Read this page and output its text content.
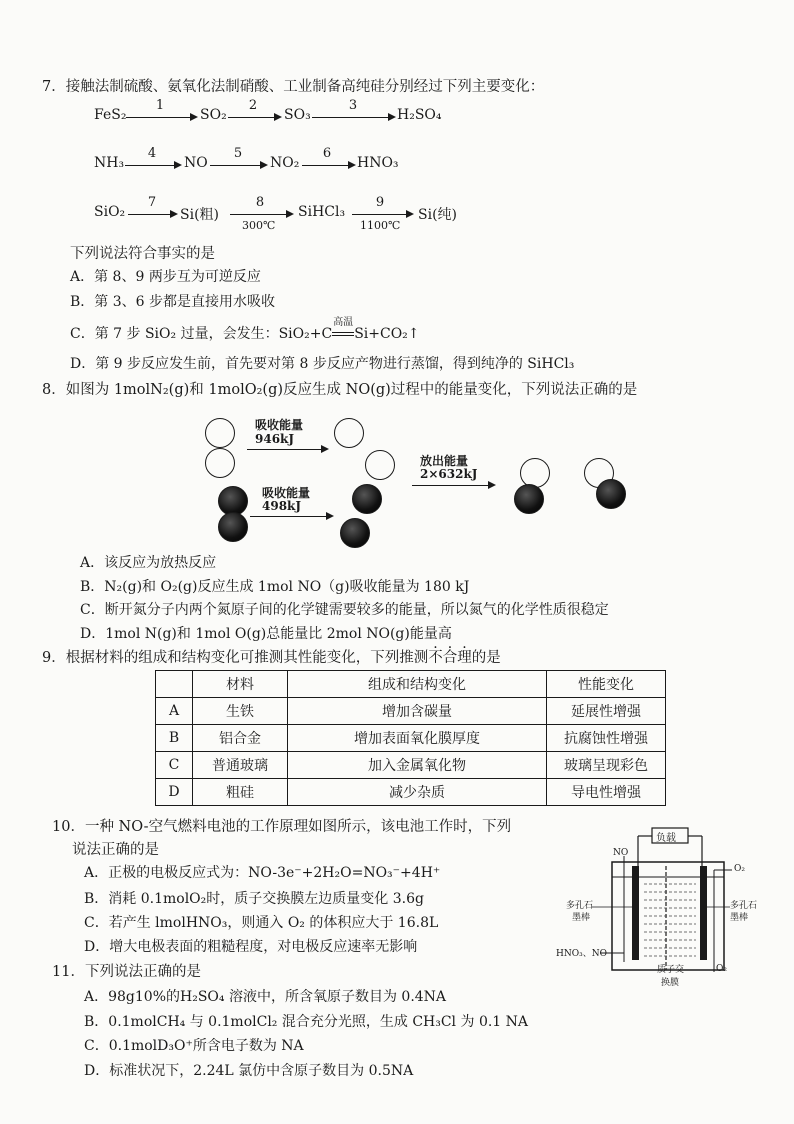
7．接触法制硫酸、氨氧化法制硝酸、工业制备高纯硅分别经过下列主要变化：
FeS₂
1
SO₂
2
SO₃
3
H₂SO₄
NH₃
4
NO
5
NO₂
6
HNO₃
SiO₂
7
Si(粗)
8
300℃
SiHCl₃
9
1100℃
Si(纯)
下列说法符合事实的是
A．第 8、9 两步互为可逆反应
B．第 3、6 步都是直接用水吸收
C．第 7 步 SiO₂ 过量，会发生：SiO₂+C
高温
Si+CO₂↑
D．第 9 步反应发生前，首先要对第 8 步反应产物进行蒸馏，得到纯净的 SiHCl₃
8．如图为 1molN₂(g)和 1molO₂(g)反应生成 NO(g)过程中的能量变化，下列说法正确的是
吸收能量
946kJ
吸收能量
498kJ
放出能量
2×632kJ
A．该反应为放热反应
B．N₂(g)和 O₂(g)反应生成 1mol NO（g)吸收能量为 180 kJ
C．断开氮分子内两个氮原子间的化学键需要较多的能量，所以氮气的化学性质很稳定
D．1mol N(g)和 1mol O(g)总能量比 2mol NO(g)能量高
9．根据材料的组成和结构变化可推测其性能变化，下列推测不合理的是
	材料	组成和结构变化	性能变化
A	生铁	增加含碳量	延展性增强
B	铝合金	增加表面氧化膜厚度	抗腐蚀性增强
C	普通玻璃	加入金属氧化物	玻璃呈现彩色
D	粗硅	减少杂质	导电性增强
10．一种 NO-空气燃料电池的工作原理如图所示，该电池工作时，下列
说法正确的是
A．正极的电极反应式为：NO-3e⁻+2H₂O=NO₃⁻+4H⁺
B．消耗 0.1molO₂时，质子交换膜左边质量变化 3.6g
C．若产生 lmolHNO₃，则通入 O₂ 的体积应大于 16.8L
D．增大电极表面的粗糙程度，对电极反应速率无影响
负载
NO
O₂
多孔石
墨棒
多孔石
墨棒
HNO₃、NO
O₂
质子交
换膜
11．下列说法正确的是
A．98g10%的H₂SO₄ 溶液中，所含氧原子数目为 0.4NA
B．0.1molCH₄ 与 0.1molCl₂ 混合充分光照，生成 CH₃Cl 为 0.1 NA
C．0.1molD₃O⁺所含电子数为 NA
D．标准状况下，2.24L 氯仿中含原子数目为 0.5NA
